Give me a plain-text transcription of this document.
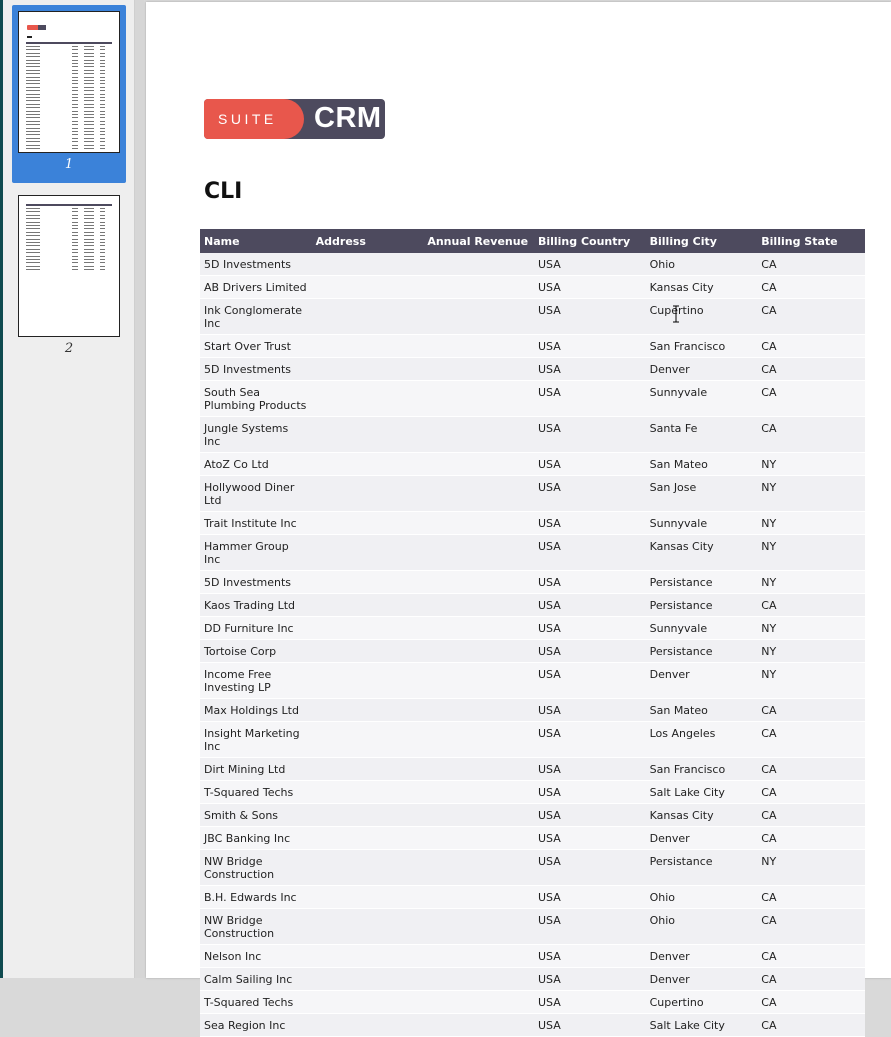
1
2
SUITE CRM
CLI
Name	Address	Annual Revenue	Billing Country	Billing City	Billing State
5D Investments			USA	Ohio	CA
AB Drivers Limited			USA	Kansas City	CA
Ink Conglomerate Inc			USA	Cupertino	CA
Start Over Trust			USA	San Francisco	CA
5D Investments			USA	Denver	CA
South Sea Plumbing Products			USA	Sunnyvale	CA
Jungle Systems Inc			USA	Santa Fe	CA
AtoZ Co Ltd			USA	San Mateo	NY
Hollywood Diner Ltd			USA	San Jose	NY
Trait Institute Inc			USA	Sunnyvale	NY
Hammer Group Inc			USA	Kansas City	NY
5D Investments			USA	Persistance	NY
Kaos Trading Ltd			USA	Persistance	CA
DD Furniture Inc			USA	Sunnyvale	NY
Tortoise Corp			USA	Persistance	NY
Income Free Investing LP			USA	Denver	NY
Max Holdings Ltd			USA	San Mateo	CA
Insight Marketing Inc			USA	Los Angeles	CA
Dirt Mining Ltd			USA	San Francisco	CA
T-Squared Techs			USA	Salt Lake City	CA
Smith & Sons			USA	Kansas City	CA
JBC Banking Inc			USA	Denver	CA
NW Bridge Construction			USA	Persistance	NY
B.H. Edwards Inc			USA	Ohio	CA
NW Bridge Construction			USA	Ohio	CA
Nelson Inc			USA	Denver	CA
Calm Sailing Inc			USA	Denver	CA
T-Squared Techs			USA	Cupertino	CA
Sea Region Inc			USA	Salt Lake City	CA
